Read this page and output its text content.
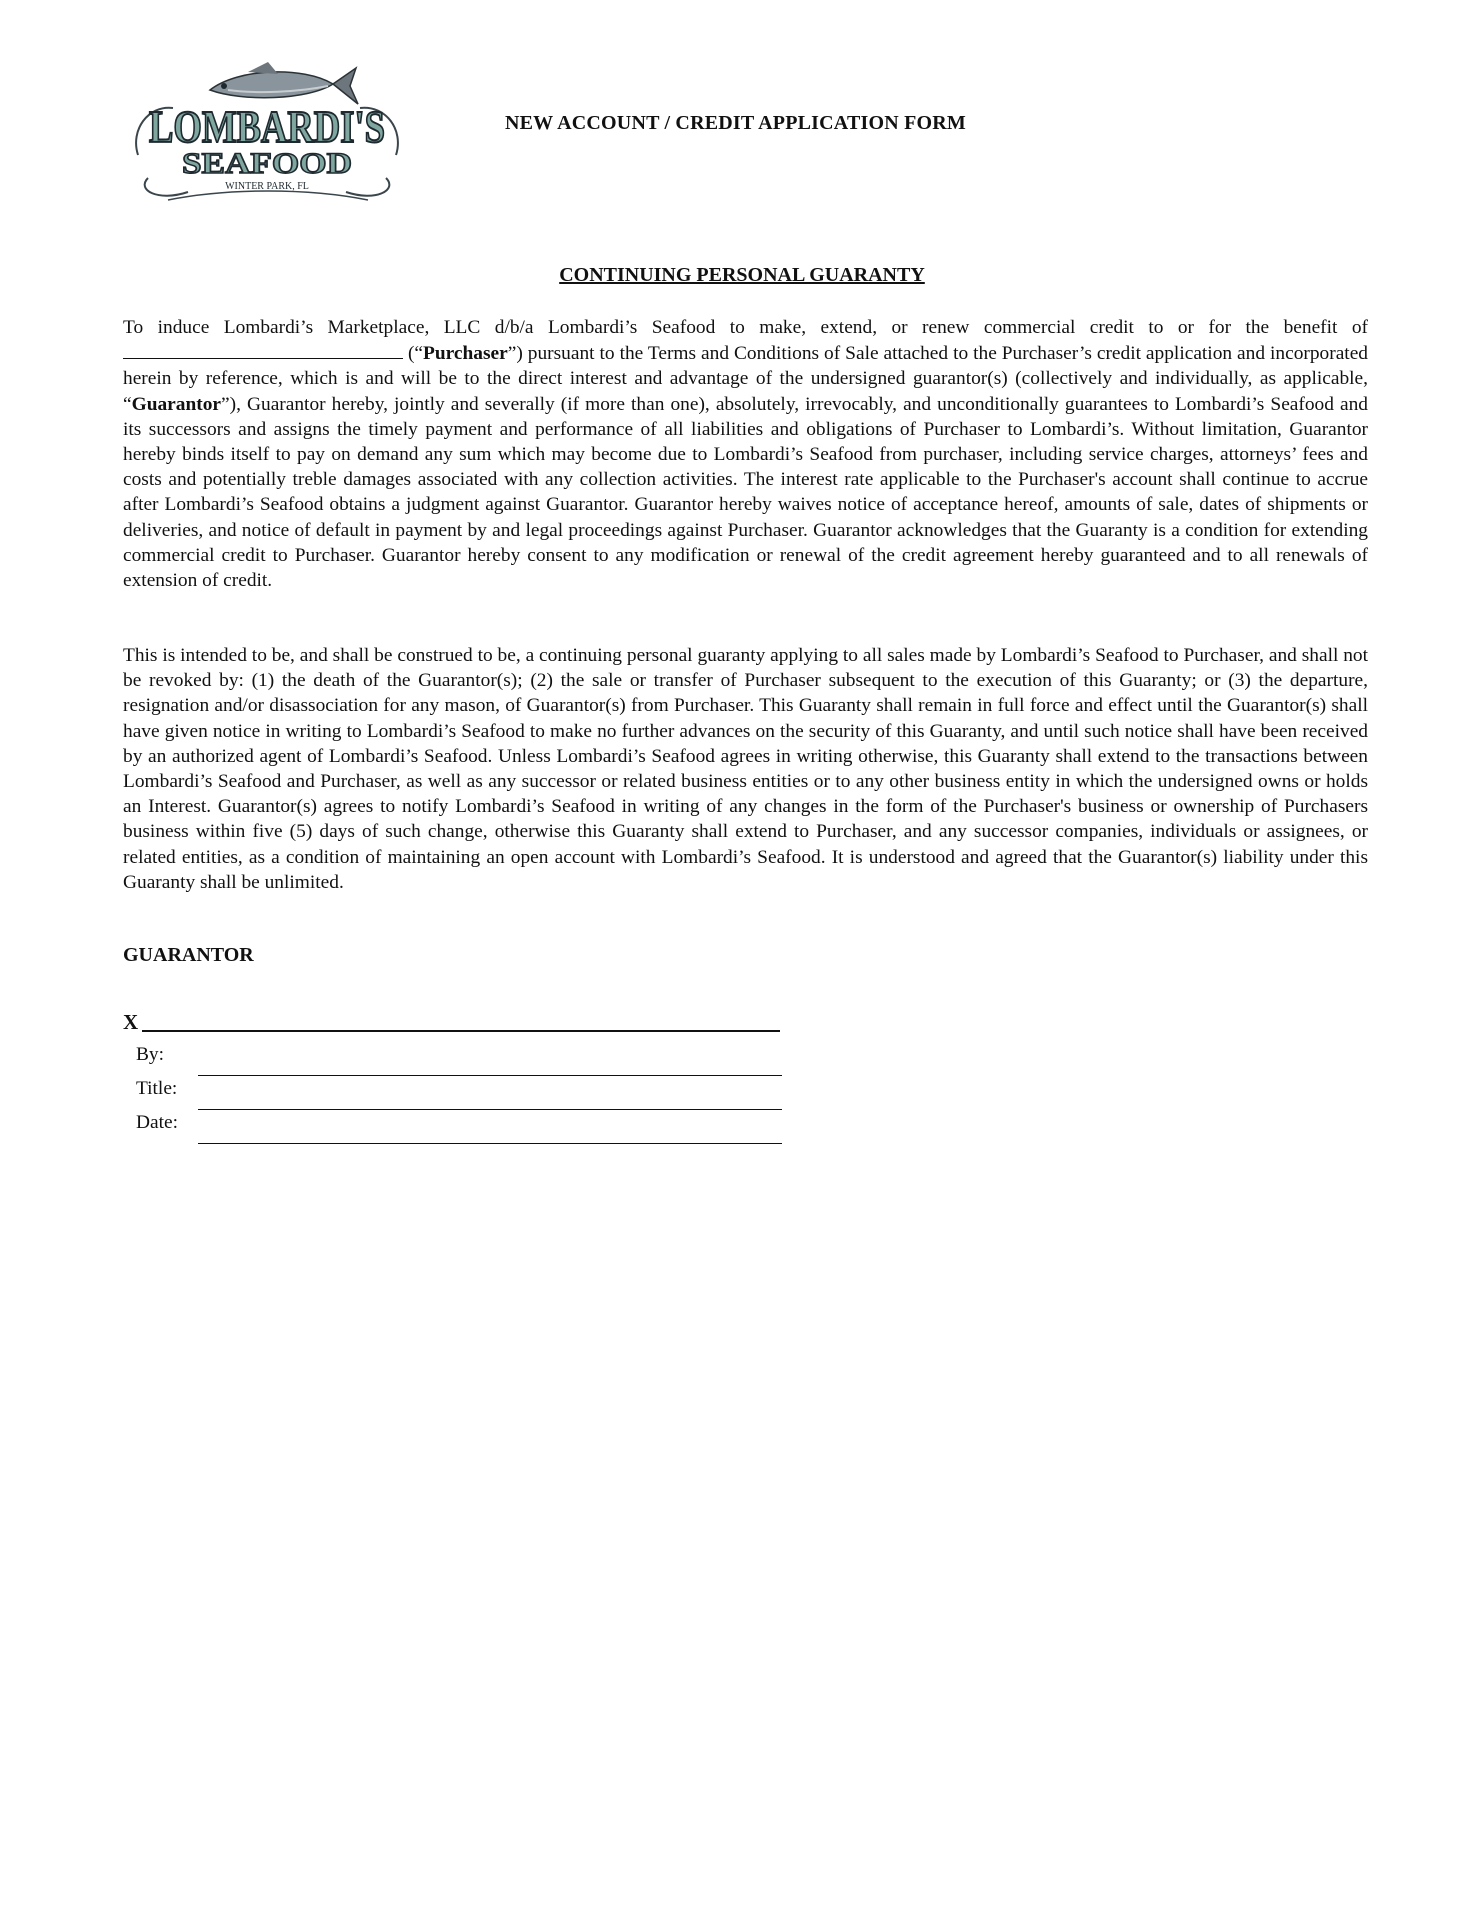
LOMBARDI'S
SEAFOOD
WINTER PARK, FL
NEW ACCOUNT / CREDIT APPLICATION FORM
CONTINUING PERSONAL GUARANTY

To induce Lombardi’s Marketplace, LLC d/b/a Lombardi’s Seafood to make, extend, or renew commercial credit to or for the benefit of  (“Purchaser”) pursuant to the Terms and Conditions of Sale attached to the Purchaser’s credit application and incorporated herein by reference, which is and will be to the direct interest and advantage of the undersigned guarantor(s) (collectively and individually, as applicable, “Guarantor”), Guarantor hereby, jointly and severally (if more than one), absolutely, irrevocably, and unconditionally guarantees to Lombardi’s Seafood and its successors and assigns the timely payment and performance of all liabilities and obligations of Purchaser to Lombardi’s. Without limitation, Guarantor hereby binds itself to pay on demand any sum which may become due to Lombardi’s Seafood from purchaser, including service charges, attorneys’ fees and costs and potentially treble damages associated with any collection activities. The interest rate applicable to the Purchaser's account shall continue to accrue after Lombardi’s Seafood obtains a judgment against Guarantor. Guarantor hereby waives notice of acceptance hereof, amounts of sale, dates of shipments or deliveries, and notice of default in payment by and legal proceedings against Purchaser. Guarantor acknowledges that the Guaranty is a condition for extending commercial credit to Purchaser. Guarantor hereby consent to any modification or renewal of the credit agreement hereby guaranteed and to all renewals of extension of credit.

This is intended to be, and shall be construed to be, a continuing personal guaranty applying to all sales made by Lombardi’s Seafood to Purchaser, and shall not be revoked by: (1) the death of the Guarantor(s); (2) the sale or transfer of Purchaser subsequent to the execution of this Guaranty; or (3) the departure, resignation and/or disassociation for any mason, of Guarantor(s) from Purchaser. This Guaranty shall remain in full force and effect until the Guarantor(s) shall have given notice in writing to Lombardi’s Seafood to make no further advances on the security of this Guaranty, and until such notice shall have been received by an authorized agent of Lombardi’s Seafood. Unless Lombardi’s Seafood agrees in writing otherwise, this Guaranty shall extend to the transactions between Lombardi’s Seafood and Purchaser, as well as any successor or related business entities or to any other business entity in which the undersigned owns or holds an Interest. Guarantor(s) agrees to notify Lombardi’s Seafood in writing of any changes in the form of the Purchaser's business or ownership of Purchasers business within five (5) days of such change, otherwise this Guaranty shall extend to Purchaser, and any successor companies, individuals or assignees, or related entities, as a condition of maintaining an open account with Lombardi’s Seafood. It is understood and agreed that the Guarantor(s) liability under this Guaranty shall be unlimited.

GUARANTOR
X
By:
Title:
Date:
